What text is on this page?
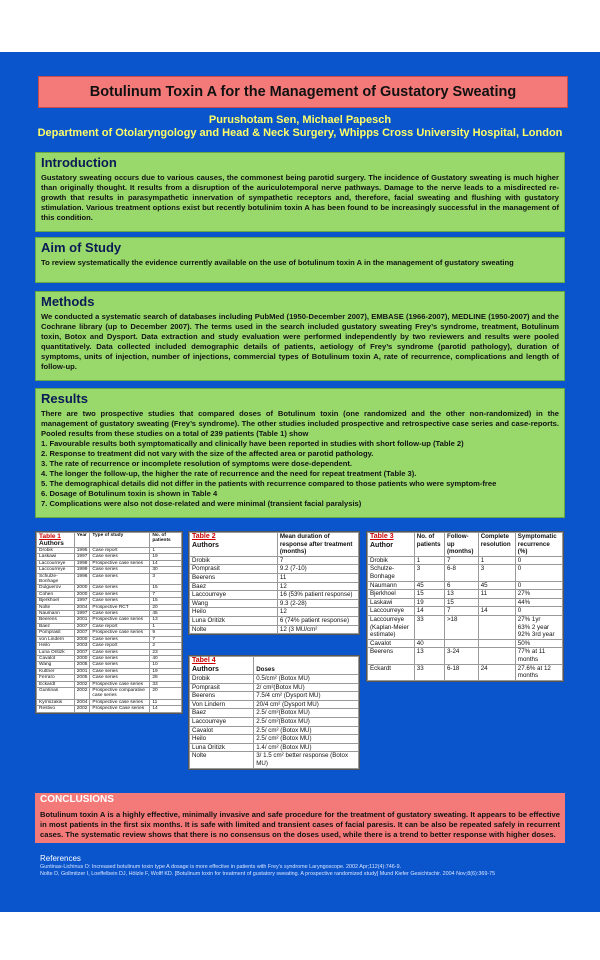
Botulinum Toxin A for the Management of Gustatory Sweating
Purushotam Sen, Michael Papesch
Department of Otolaryngology and Head & Neck Surgery, Whipps Cross University Hospital, London
Introduction

Gustatory sweating occurs due to various causes, the commonest being parotid surgery. The incidence of Gustatory sweating is much higher than originally thought. It results from a disruption of the auriculotemporal nerve pathways. Damage to the nerve leads to a misdirected re-growth that results in parasympathetic innervation of sympathetic receptors and, therefore, facial sweating and flushing with gustatory stimulation. Various treatment options exist but recently botulinim toxin A has been found to be increasingly successful in the management of this condition.

Aim of Study

To review systematically the evidence currently available on the use of botulinum toxin A in the management of gustatory sweating

Methods

We conducted a systematic search of databases including PubMed (1950-December 2007), EMBASE (1966-2007), MEDLINE (1950-2007) and the Cochrane library (up to December 2007). The terms used in the search included gustatory sweating Frey’s syndrome, treatment, Botulinum toxin, Botox and Dysport. Data extraction and study evaluation were performed independently by two reviewers and results were pooled quantitatively. Data collected included demographic details of patients, aetiology of Frey’s syndrome (parotid pathology), duration of symptoms, units of injection, number of injections, commercial types of Botulinum toxin A, rate of recurrence, complications and length of follow-up.

Results

There are two prospective studies that compared doses of Botulinum toxin (one randomized and the other non-randomized) in the management of gustatory sweating (Frey’s syndrome). The other studies included prospective and retrospective case series and case-reports. Pooled results from these studies on a total of 239 patients (Table 1) show

1. Favourable results both symptomatically and clinically have been reported in studies with short follow-up (Table 2)
2. Response to treatment did not vary with the size of the affected area or parotid pathology.
3. The rate of recurrence or incomplete resolution of symptoms were dose-dependent.
4. The longer the follow-up, the higher the rate of recurrence and the need for repeat treatment (Table 3).
5. The demographical details did not differ in the patients with recurrence compared to those patients who were symptom-free
6. Dosage of Botulinum toxin is shown in Table 4
7. Complications were also not dose-related and were minimal (transient facial paralysis)
Table 1
Authors	Year	Type of study	No. of patients
Drobik	1995	Case report	1
Laskawi	1997	Case series	19
Laccourreye	1998	Prospective case series	14
Laccourreye	1999	Case series	30
Schulze-Bonhage	1996	Case series	3
Dulguerov	2000	Case series	15
Cohen	2000	Case series	7
Bjerkhoel	1997	Case series	15
Nolte	2004	Prospective RCT	20
Naumann	1997	Case series	45
Beerens	2001	Prospective case series	13
Baez	2007	Case report	1
Pomprasit	2007	Prospective case series	9
von Lindern	2000	Case series	7
Heilo	2003	Case report	2
Luna Oritizk	2007	Case series	23
Cavalot	2000	Case series	40
Wang	2005	Case series	10
Kuttner	2001	Case series	19
Ferraro	2005	Case series	28
Eckardt	2002	Prospective case series	33
Guntinas	2002	Prospective comparative case series	20
Kyrmizakis	2004	Prospective case series	11
Restivo	2002	Prospective Case series	14
Table 2
Authors	Mean duration of response after treatment (months)
Drobik	7
Pomprasit	9.2 (7-10)
Beerens	11
Baez	12
Laccourreye	16 (53% patient response)
Wang	9.3 (2-28)
Heilo	12
Luna Oritizk	6 (74% patient response)
Nolte	12 (3 MU/cm²
Tabel 4
Authors	Doses
Drobik	0.5/cm² (Botox MU)
Pomprasit	2/ cm²(Botox MU)
Beerens	7.5/4 cm² (Dysport MU)
Von Lindern	20/4 cm² (Dysport MU)
Baez	2.5/ cm²(Botox MU)
Laccourreye	2.5/ cm²(Botox MU)
Cavalot	2.5/ cm² (Botox MU)
Heilo	2.5/ cm² (Botox MU)
Luna Oritizk	1.4/ cm² (Botox MU)
Nolte	3/ 1.5 cm² better response (Botox MU)
Table 3
Author	No. of patients	Follow-up (months)	Complete resolution	Symptomatic recurrence (%)
Drobik	1	7	1	0
Schulze-Bonhage	3	6-8	3	0
Naumann	45	6	45	0
Bjerkhoel	15	13	11	27%
Laskawi	19	15		44%
Laccourreye	14	7	14	0
Laccourreye (Kaplan-Meier estimate)	33	>18		27% 1yr
63% 2 year
92% 3rd year
Cavalot	40			50%
Beerens	13	3-24		77% at 11 months
Eckardt	33	6-18	24	27.6% at 12 months
CONCLUSIONS
Botulinum toxin A is a highly effective, minimally invasive and safe procedure for the treatment of gustatory sweating. It appears to be effective in most patients in the first six months. It is safe with limited and transient cases of facial paresis. It can be also be repeated safely in recurrent cases. The systematic review shows that there is no consensus on the doses used, while there is a trend to better response with higher doses.
References
Guntinas-Lichinus O: Increased botulinum toxin type A dosage is more effective in patients with Frey’s syndrome Laryngoscope. 2002 Apr;112(4):746-9.
Nolte D, Gollmitzer I, Loeffelbein DJ, Hölzle F, Wolff KD. [Botulinum toxin for treatment of gustatory sweating. A prospective randomized study] Mund Kiefer Gesichtschir. 2004 Nov;8(6):369-75
